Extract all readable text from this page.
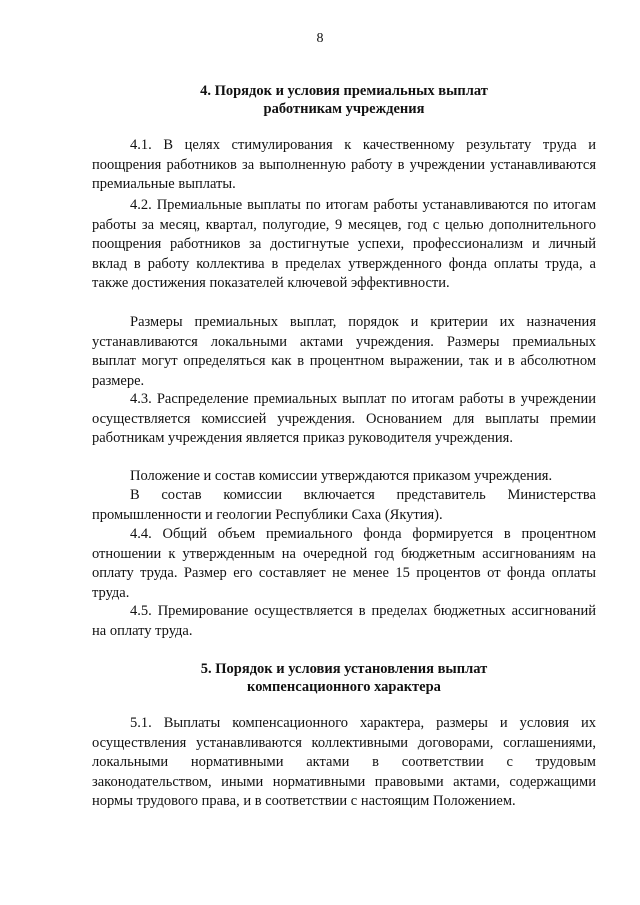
8
4. Порядок и условия премиальных выплат
работникам учреждения

4.1. В целях стимулирования к качественному результату труда и поощрения работников за выполненную работу в учреждении устанавливаются премиальные выплаты.

4.2. Премиальные выплаты по итогам работы устанавливаются по итогам работы за месяц, квартал, полугодие, 9 месяцев, год с целью дополнительного поощрения работников за достигнутые успехи, профессионализм и личный вклад в работу коллектива в пределах утвержденного фонда оплаты труда, а также достижения показателей ключевой эффективности.

Размеры премиальных выплат, порядок и критерии их назначения устанавливаются локальными актами учреждения. Размеры премиальных выплат могут определяться как в процентном выражении, так и в абсолютном размере.

4.3. Распределение премиальных выплат по итогам работы в учреждении осуществляется комиссией учреждения. Основанием для выплаты премии работникам учреждения является приказ руководителя учреждения.

Положение и состав комиссии утверждаются приказом учреждения.

В состав комиссии включается представитель Министерства промышленности и геологии Республики Саха (Якутия).

4.4. Общий объем премиального фонда формируется в процентном отношении к утвержденным на очередной год бюджетным ассигнованиям на оплату труда. Размер его составляет не менее 15 процентов от фонда оплаты труда.

4.5. Премирование осуществляется в пределах бюджетных ассигнований на оплату труда.

5. Порядок и условия установления выплат
компенсационного характера

5.1. Выплаты компенсационного характера, размеры и условия их осуществления устанавливаются коллективными договорами, соглашениями, локальными нормативными актами в соответствии с трудовым законодательством, иными нормативными правовыми актами, содержащими нормы трудового права, и в соответствии с настоящим Положением.
